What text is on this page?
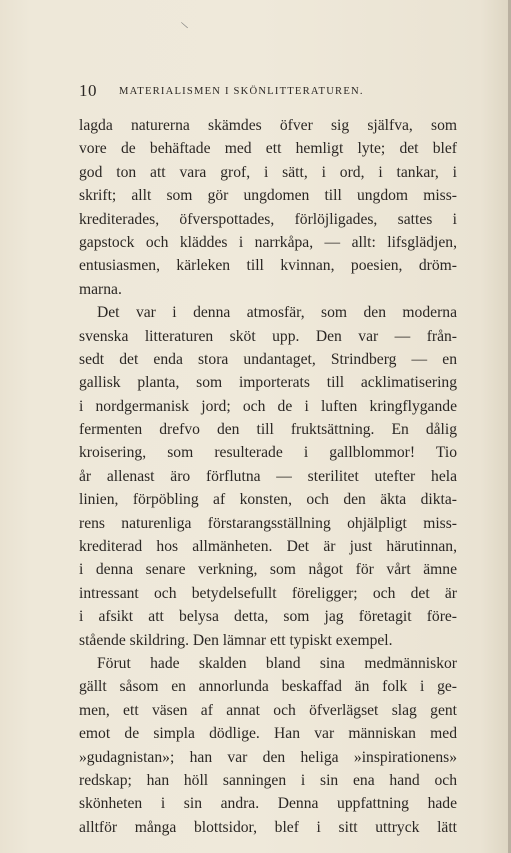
\
10 MATERIALISMEN I SKÖNLITTERATUREN.
lagda naturerna skämdes öfver sig själfva, som
vore de behäftade med ett hemligt lyte; det blef
god ton att vara grof, i sätt, i ord, i tankar, i
skrift; allt som gör ungdomen till ungdom miss-
krediterades, öfverspottades, förlöjligades, sattes i
gapstock och kläddes i narrkåpa, — allt: lifsglädjen,
entusiasmen, kärleken till kvinnan, poesien, dröm-
marna.
Det var i denna atmosfär, som den moderna
svenska litteraturen sköt upp. Den var — från-
sedt det enda stora undantaget, Strindberg — en
gallisk planta, som importerats till acklimatisering
i nordgermanisk jord; och de i luften kringflygande
fermenten drefvo den till fruktsättning. En dålig
kroisering, som resulterade i gallblommor! Tio
år allenast äro förflutna — sterilitet utefter hela
linien, förpöbling af konsten, och den äkta dikta-
rens naturenliga förstarangsställning ohjälpligt miss-
krediterad hos allmänheten. Det är just härutinnan,
i denna senare verkning, som något för vårt ämne
intressant och betydelsefullt föreligger; och det är
i afsikt att belysa detta, som jag företagit före-
stående skildring. Den lämnar ett typiskt exempel.
Förut hade skalden bland sina medmänniskor
gällt såsom en annorlunda beskaffad än folk i ge-
men, ett väsen af annat och öfverlägset slag gent
emot de simpla dödlige. Han var människan med
»gudagnistan»; han var den heliga »inspirationens»
redskap; han höll sanningen i sin ena hand och
skönheten i sin andra. Denna uppfattning hade
alltför många blottsidor, blef i sitt uttryck lätt
